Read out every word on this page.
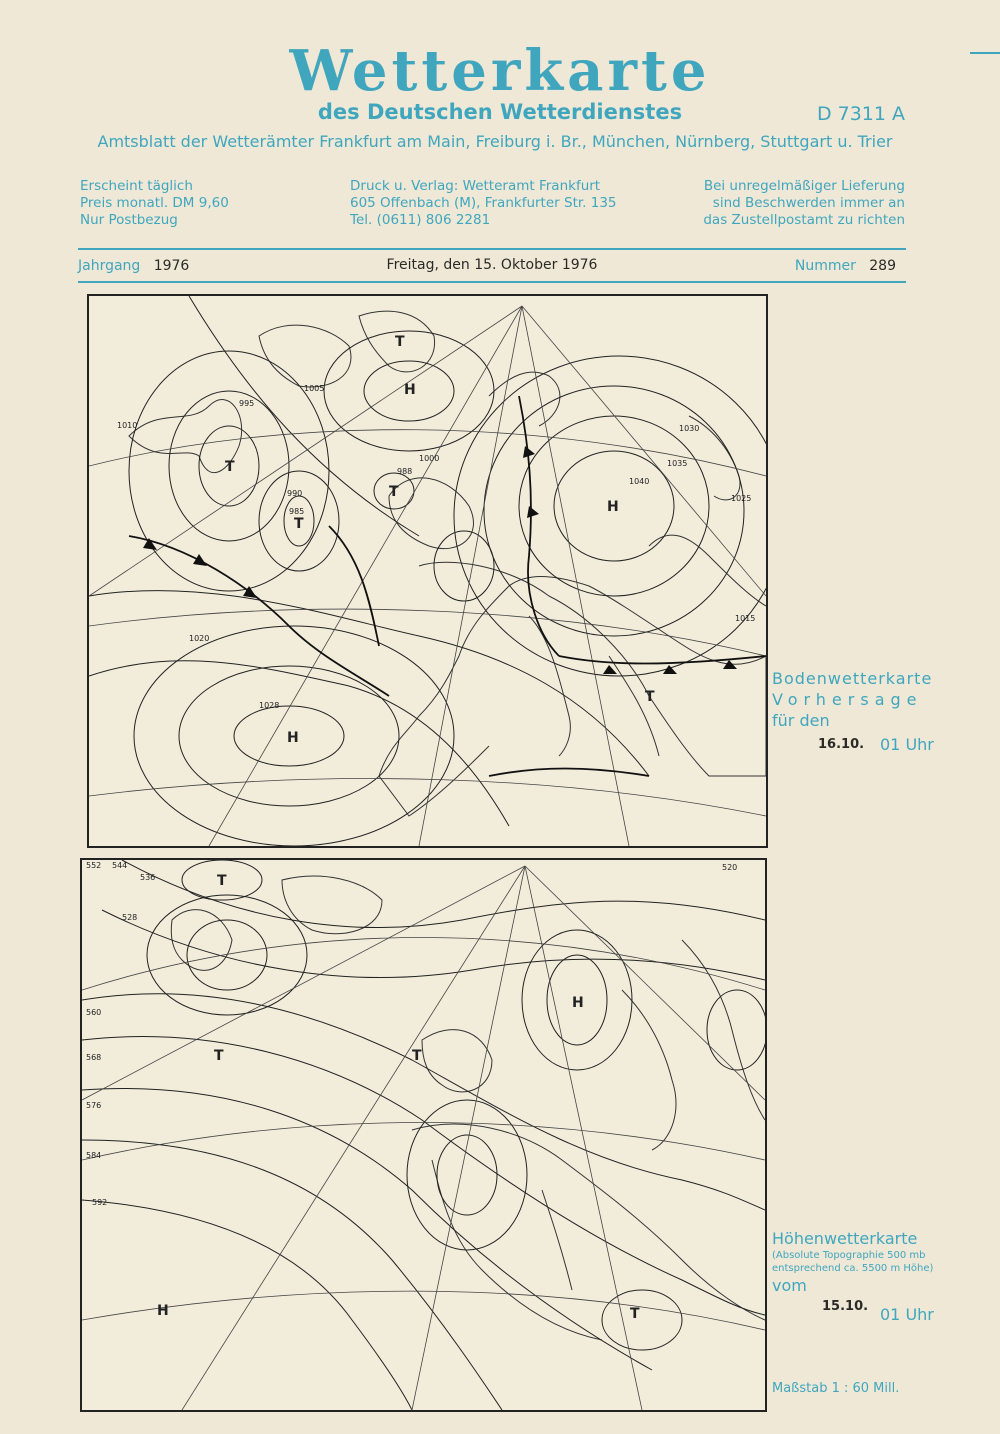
Wetterkarte
des Deutschen Wetterdienstes	D 7311 A
Amtsblatt der Wetterämter Frankfurt am Main, Freiburg i. Br., München, Nürnberg, Stuttgart u. Trier
Erscheint täglich
Preis monatl. DM 9,60
Nur Postbezug
Druck u. Verlag: Wetteramt Frankfurt
605 Offenbach (M), Frankfurter Str. 135
Tel. (0611) 806 2281
Bei unregelmäßiger Lieferung
sind Beschwerden immer an
das Zustellpostamt zu richten
Jahrgang 1976	Freitag, den 15. Oktober 1976	Nummer 289
H
H
H
T
T
T
T
T
1005
995
990
985
1000
1010
1020
1030
1035
1040
1025
1015
1028
988
Bodenwetterkarte
Vorhersage
für den
16.10. 01 Uhr
T
T	T
T
H
H
552 544
536
528
560
568
576
584
592
520
Höhenwetterkarte
(Absolute Topographie 500 mb
entsprechend ca. 5500 m Höhe)
vom
15.10. 01 Uhr
Maßstab 1 : 60 Mill.
